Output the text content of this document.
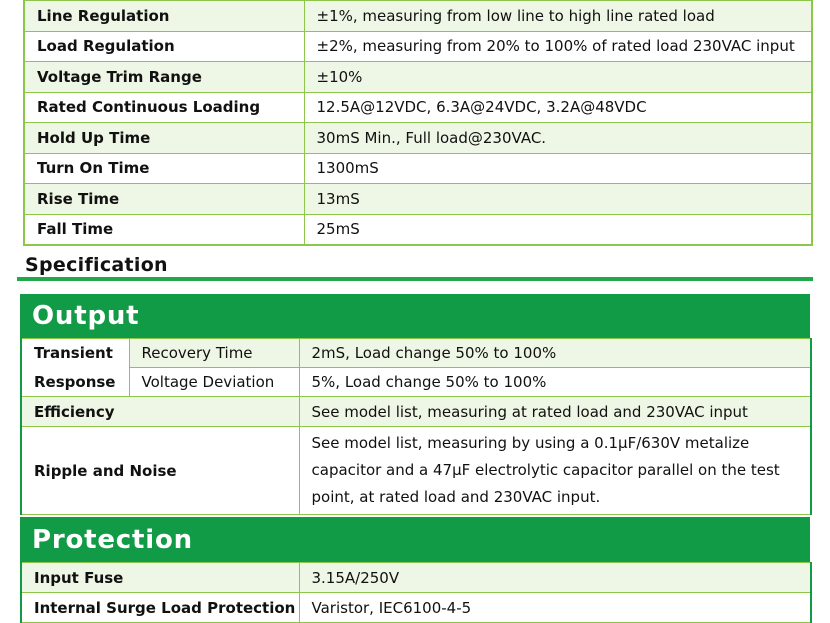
Line Regulation	±1%, measuring from low line to high line rated load
Load Regulation	±2%, measuring from 20% to 100% of rated load 230VAC input
Voltage Trim Range	±10%
Rated Continuous Loading	12.5A@12VDC, 6.3A@24VDC, 3.2A@48VDC
Hold Up Time	30mS Min., Full load@230VAC.
Turn On Time	1300mS
Rise Time	13mS
Fall Time	25mS
Specification
Output
Transient	Recovery Time	2mS, Load change 50% to 100%
Response	Voltage Deviation	5%, Load change 50% to 100%
Efficiency		See model list, measuring at rated load and 230VAC input
Ripple and Noise		See model list, measuring by using a 0.1µF/630V metalize
capacitor and a 47µF electrolytic capacitor parallel on the test
point, at rated load and 230VAC input.
Protection
Input Fuse	3.15A/250V
Internal Surge Load Protection	Varistor, IEC6100-4-5
